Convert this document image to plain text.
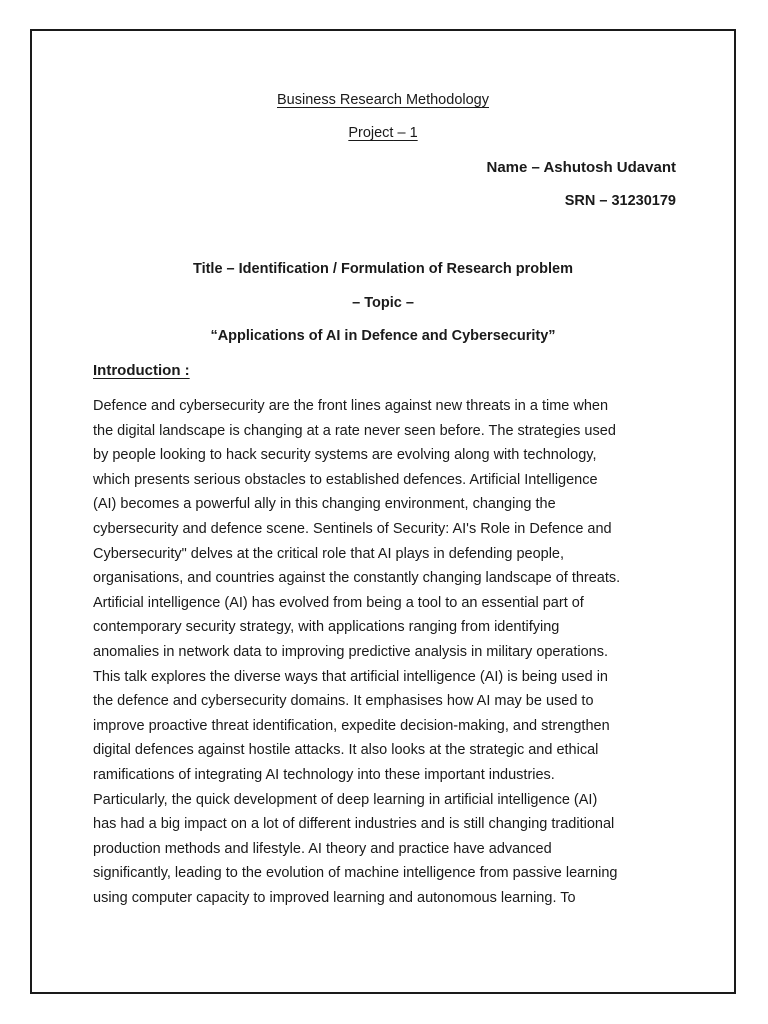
Business Research Methodology
Project – 1
Name – Ashutosh Udavant
SRN – 31230179
Title – Identification / Formulation of Research problem
– Topic –
“Applications of AI in Defence and Cybersecurity”
Introduction :
Defence and cybersecurity are the front lines against new threats in a time when
the digital landscape is changing at a rate never seen before. The strategies used
by people looking to hack security systems are evolving along with technology,
which presents serious obstacles to established defences. Artificial Intelligence
(AI) becomes a powerful ally in this changing environment, changing the
cybersecurity and defence scene. Sentinels of Security: AI's Role in Defence and
Cybersecurity" delves at the critical role that AI plays in defending people,
organisations, and countries against the constantly changing landscape of threats.
Artificial intelligence (AI) has evolved from being a tool to an essential part of
contemporary security strategy, with applications ranging from identifying
anomalies in network data to improving predictive analysis in military operations.
This talk explores the diverse ways that artificial intelligence (AI) is being used in
the defence and cybersecurity domains. It emphasises how AI may be used to
improve proactive threat identification, expedite decision-making, and strengthen
digital defences against hostile attacks. It also looks at the strategic and ethical
ramifications of integrating AI technology into these important industries.
Particularly, the quick development of deep learning in artificial intelligence (AI)
has had a big impact on a lot of different industries and is still changing traditional
production methods and lifestyle. AI theory and practice have advanced
significantly, leading to the evolution of machine intelligence from passive learning
using computer capacity to improved learning and autonomous learning. To
